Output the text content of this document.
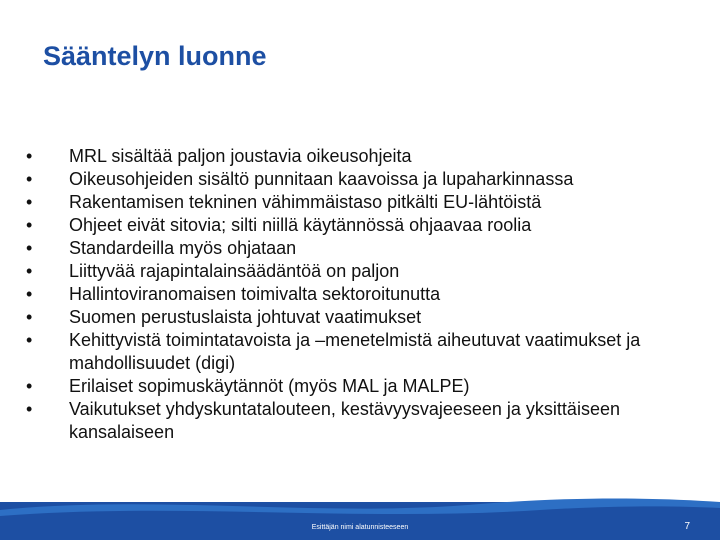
Sääntelyn luonne
• MRL sisältää paljon joustavia oikeusohjeita
• Oikeusohjeiden sisältö punnitaan kaavoissa ja lupaharkinnassa
• Rakentamisen tekninen vähimmäistaso pitkälti EU-lähtöistä
• Ohjeet eivät sitovia; silti niillä käytännössä ohjaavaa roolia
• Standardeilla myös ohjataan
• Liittyvää rajapintalainsäädäntöä on paljon
• Hallintoviranomaisen toimivalta sektoroitunutta
• Suomen perustuslaista johtuvat vaatimukset
• Kehittyvistä toimintatavoista ja –menetelmistä aiheutuvat vaatimukset ja mahdollisuudet (digi)
• Erilaiset sopimuskäytännöt (myös MAL ja MALPE)
• Vaikutukset yhdyskuntatalouteen, kestävyysvajeeseen ja yksittäiseen kansalaiseen
Esittäjän nimi alatunnisteeseen	7
